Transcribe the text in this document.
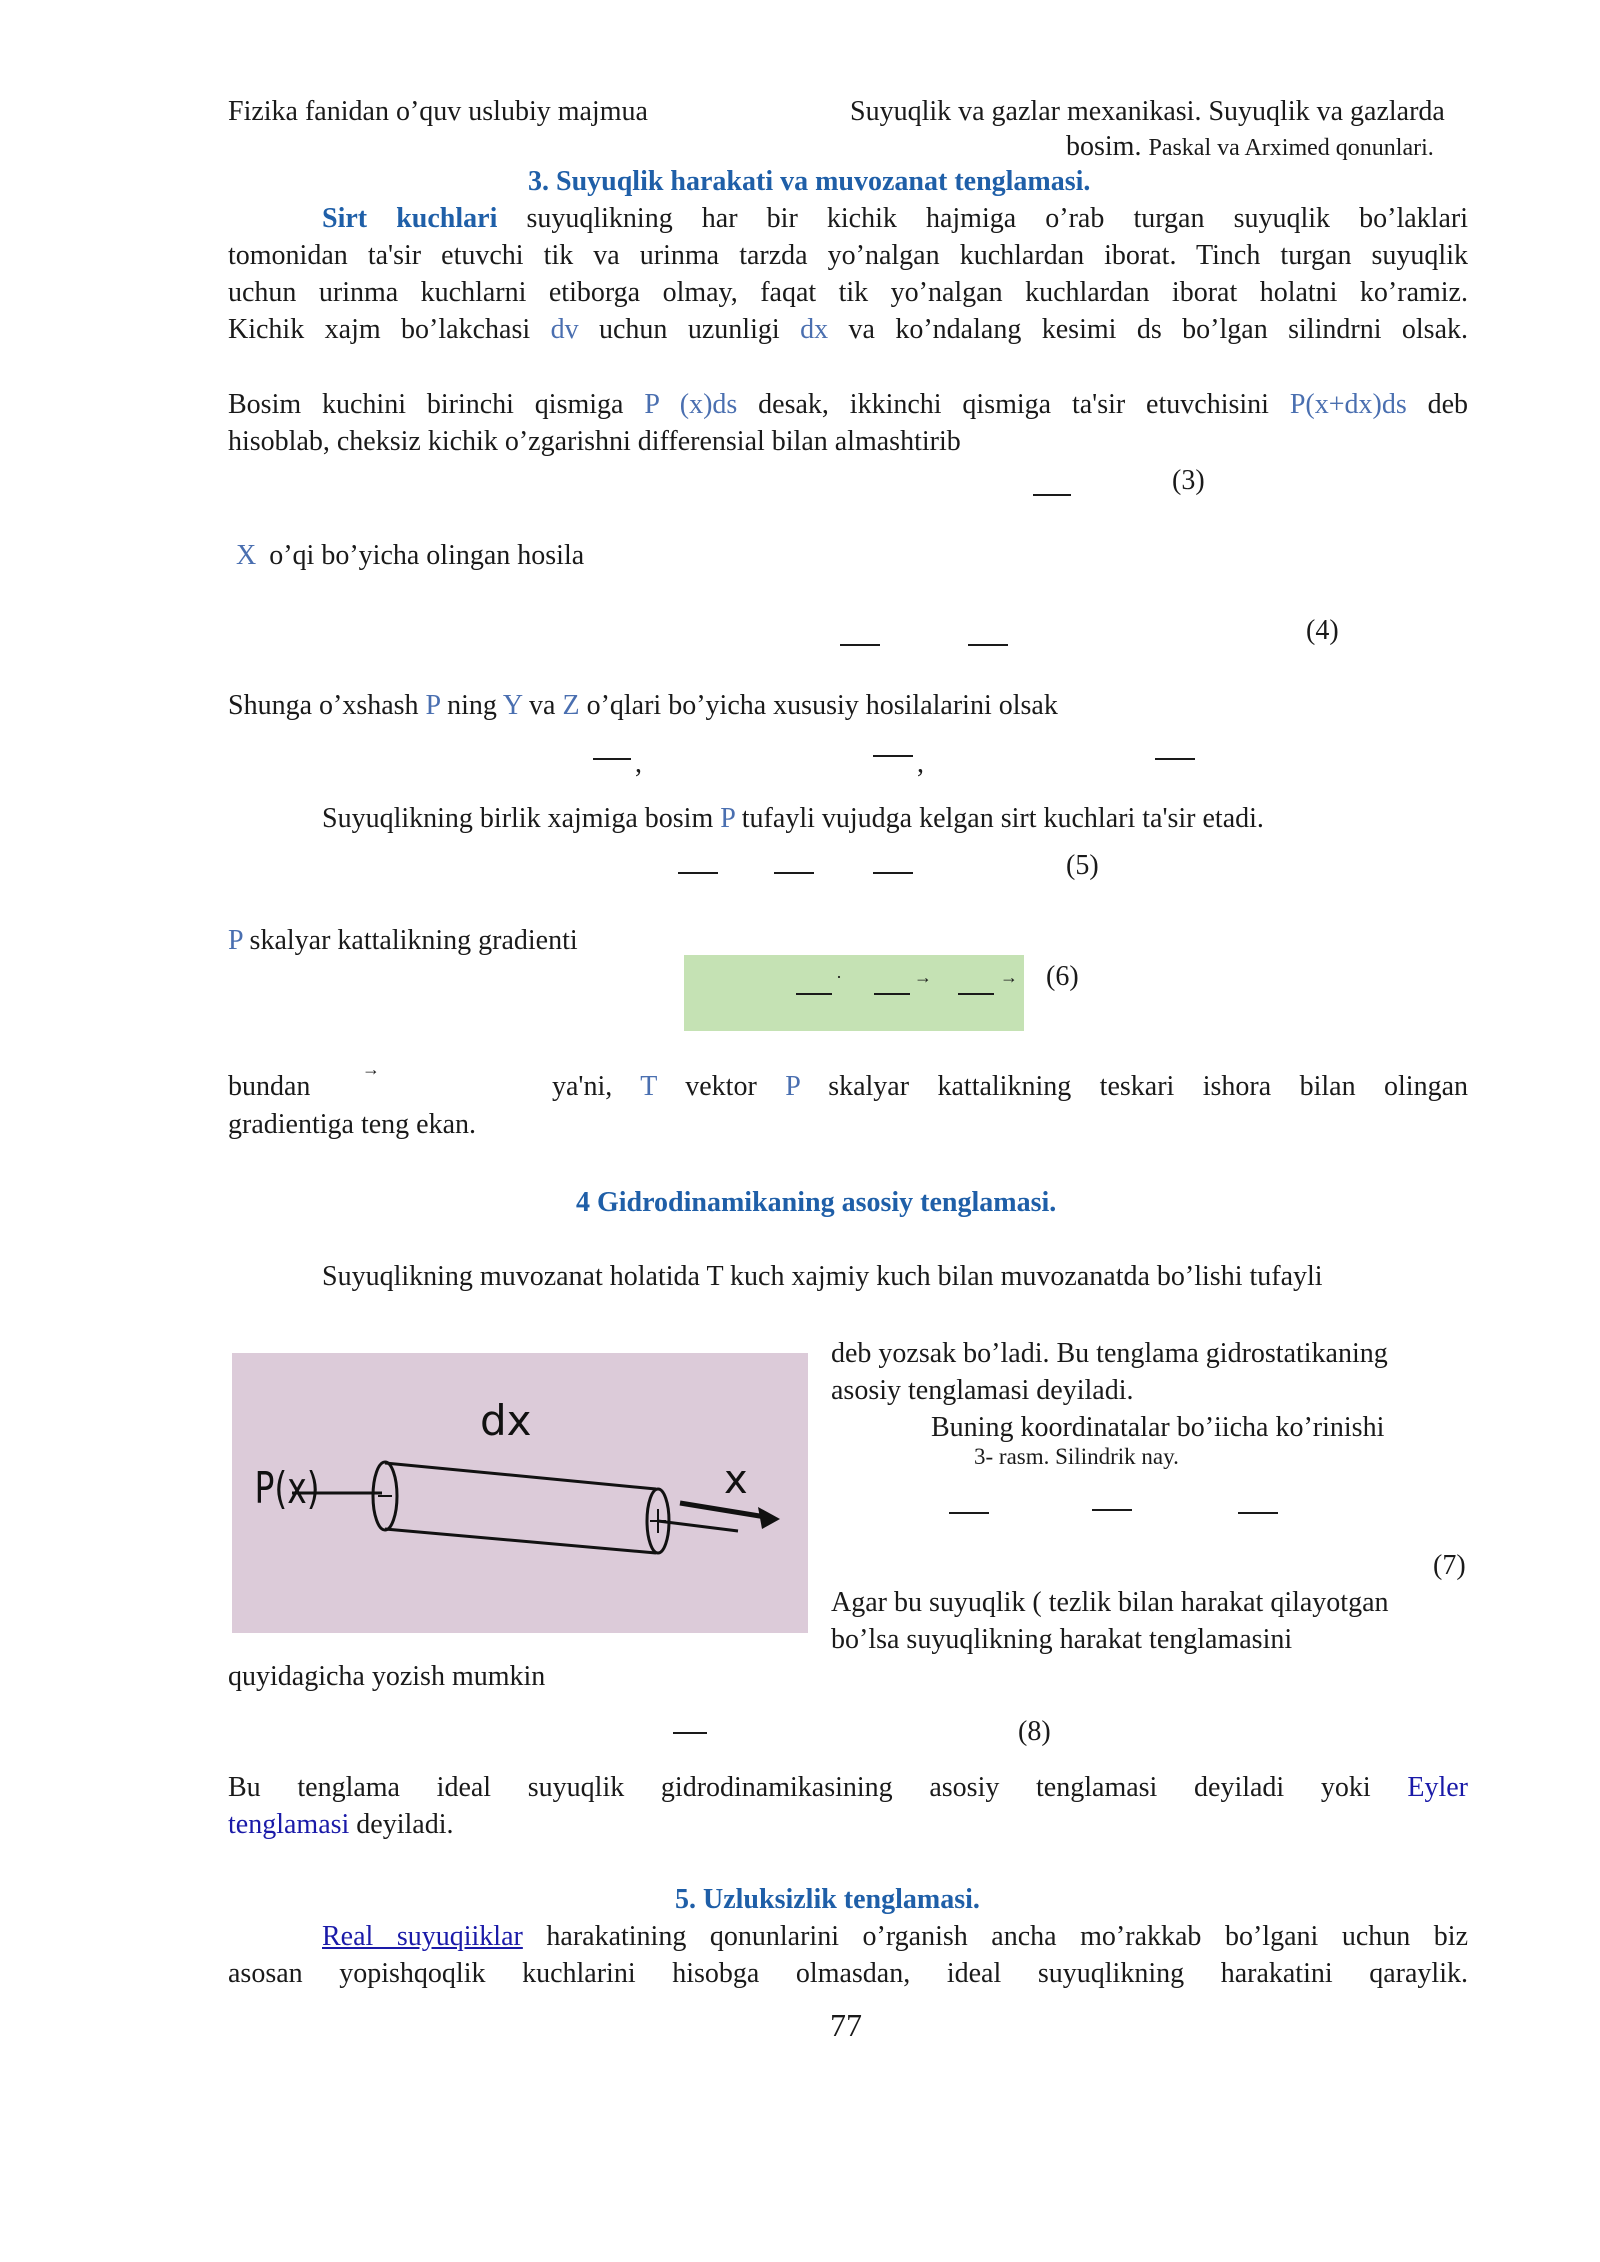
Fizika fanidan o’quv uslubiy majmua	Suyuqlik va gazlar mexanikasi. Suyuqlik va gazlarda
bosim. Paskal va Arximed qonunlari.
3. Suyuqlik harakati va muvozanat tenglamasi.
Sirt kuchlari suyuqlikning har bir kichik hajmiga o’rab turgan suyuqlik bo’laklari
tomonidan ta'sir etuvchi tik va urinma tarzda yo’nalgan kuchlardan iborat. Tinch turgan suyuqlik
uchun urinma kuchlarni etiborga olmay, faqat tik yo’nalgan kuchlardan iborat holatni ko’ramiz.
Kichik xajm bo’lakchasi dv uchun uzunligi dx va ko’ndalang kesimi ds bo’lgan silindrni olsak.
Bosim kuchini birinchi qismiga P (x)ds desak, ikkinchi qismiga ta'sir etuvchisini P(x+dx)ds deb
hisoblab, cheksiz kichik o’zgarishni differensial bilan almashtirib
(3)
X o’qi bo’yicha olingan hosila
(4)
Shunga o’xshash P ning Y va Z o’qlari bo’yicha xususiy hosilalarini olsak
,	,
Suyuqlikning birlik xajmiga bosim P tufayli vujudga kelgan sirt kuchlari ta'sir etadi.
(5)
P skalyar kattalikning gradienti
·	→	→ (6)
bundan
→
ya'ni, T vektor P skalyar kattalikning teskari ishora bilan olingan
gradientiga teng ekan.
4 Gidrodinamikaning asosiy tenglamasi.
Suyuqlikning muvozanat holatida T kuch xajmiy kuch bilan muvozanatda bo’lishi tufayli
P(x)
dx
x
deb yozsak bo’ladi. Bu tenglama gidrostatikaning
asosiy tenglamasi deyiladi.
Buning koordinatalar bo’iicha ko’rinishi
3- rasm. Silindrik nay.
(7)
Agar bu suyuqlik ( tezlik bilan harakat qilayotgan
bo’lsa suyuqlikning harakat tenglamasini
quyidagicha yozish mumkin
(8)
Bu tenglama ideal suyuqlik gidrodinamikasining asosiy tenglamasi deyiladi yoki Eyler
tenglamasi deyiladi.
5. Uzluksizlik tenglamasi.
Real suyuqiiklar harakatining qonunlarini o’rganish ancha mo’rakkab bo’lgani uchun biz
asosan yopishqoqlik kuchlarini hisobga olmasdan, ideal suyuqlikning harakatini qaraylik.
77
